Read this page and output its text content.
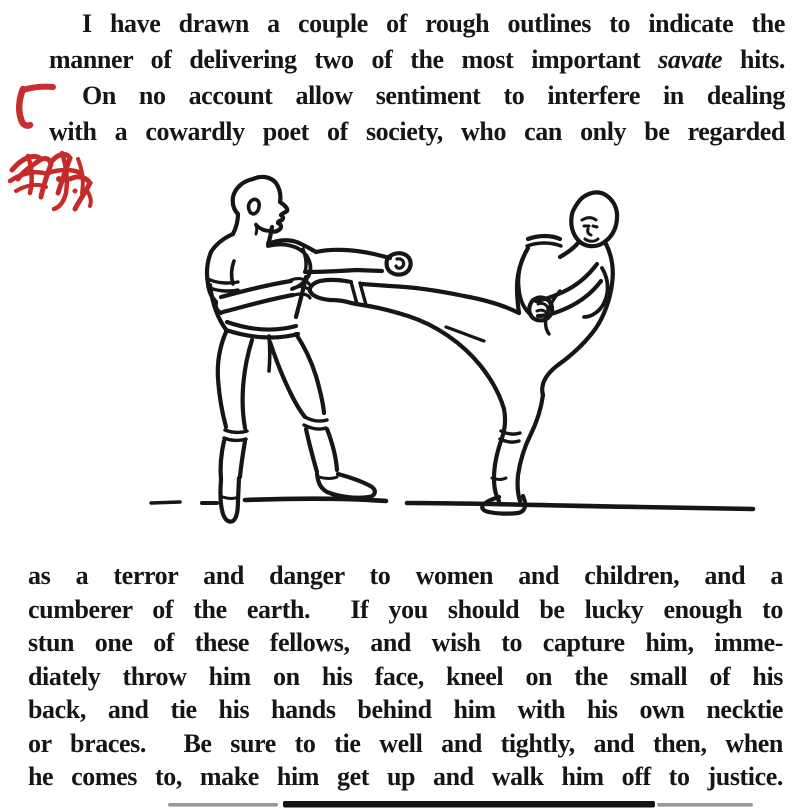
I have drawn a couple of rough outlines to indicate the
manner of delivering two of the most important savate hits.
On no account allow sentiment to interfere in dealing
with a cowardly poet of society, who can only be regarded
as a terror and danger to women and children, and a
cumberer of the earth.  If you should be lucky enough to
stun one of these fellows, and wish to capture him, imme-
diately throw him on his face, kneel on the small of his
back, and tie his hands behind him with his own necktie
or braces.  Be sure to tie well and tightly, and then, when
he comes to, make him get up and walk him off to justice.
